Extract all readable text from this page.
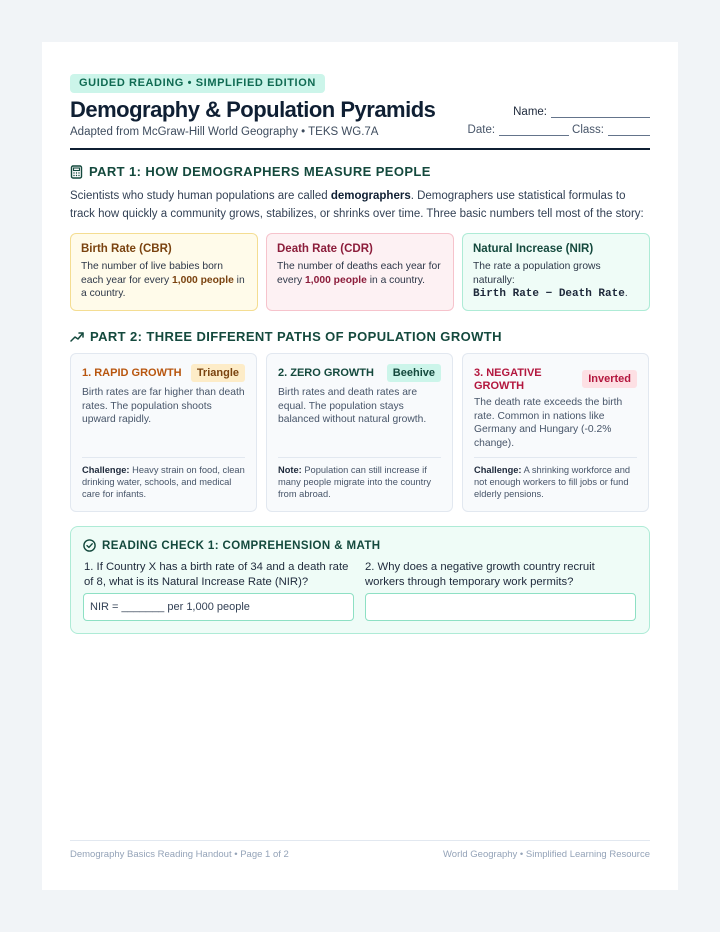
GUIDED READING • SIMPLIFIED EDITION
Demography & Population Pyramids
Adapted from McGraw-Hill World Geography • TEKS WG.7A
Name:
Date:	Class:
PART 1: HOW DEMOGRAPHERS MEASURE PEOPLE
Scientists who study human populations are called demographers. Demographers use statistical formulas to track how quickly a community grows, stabilizes, or shrinks over time. Three basic numbers tell most of the story:
Birth Rate (CBR)

The number of live babies born each year for every 1,000 people in a country.

Death Rate (CDR)

The number of deaths each year for every 1,000 people in a country.

Natural Increase (NIR)

The rate a population grows naturally:
Birth Rate − Death Rate.

PART 2: THREE DIFFERENT PATHS OF POPULATION GROWTH
1. RAPID GROWTH	Triangle
Birth rates are far higher than death rates. The population shoots upward rapidly.
Challenge: Heavy strain on food, clean drinking water, schools, and medical care for infants.
2. ZERO GROWTH	Beehive
Birth rates and death rates are equal. The population stays balanced without natural growth.
Note: Population can still increase if many people migrate into the country from abroad.
3. NEGATIVE GROWTH
Inverted
The death rate exceeds the birth rate. Common in nations like Germany and Hungary (-0.2% change).
Challenge: A shrinking workforce and not enough workers to fill jobs or fund elderly pensions.
READING CHECK 1: COMPREHENSION & MATH
1. If Country X has a birth rate of 34 and a death rate of 8, what is its Natural Increase Rate (NIR)?
2. Why does a negative growth country recruit workers through temporary work permits?
NIR = _______ per 1,000 people
Demography Basics Reading Handout • Page 1 of 2	World Geography • Simplified Learning Resource
